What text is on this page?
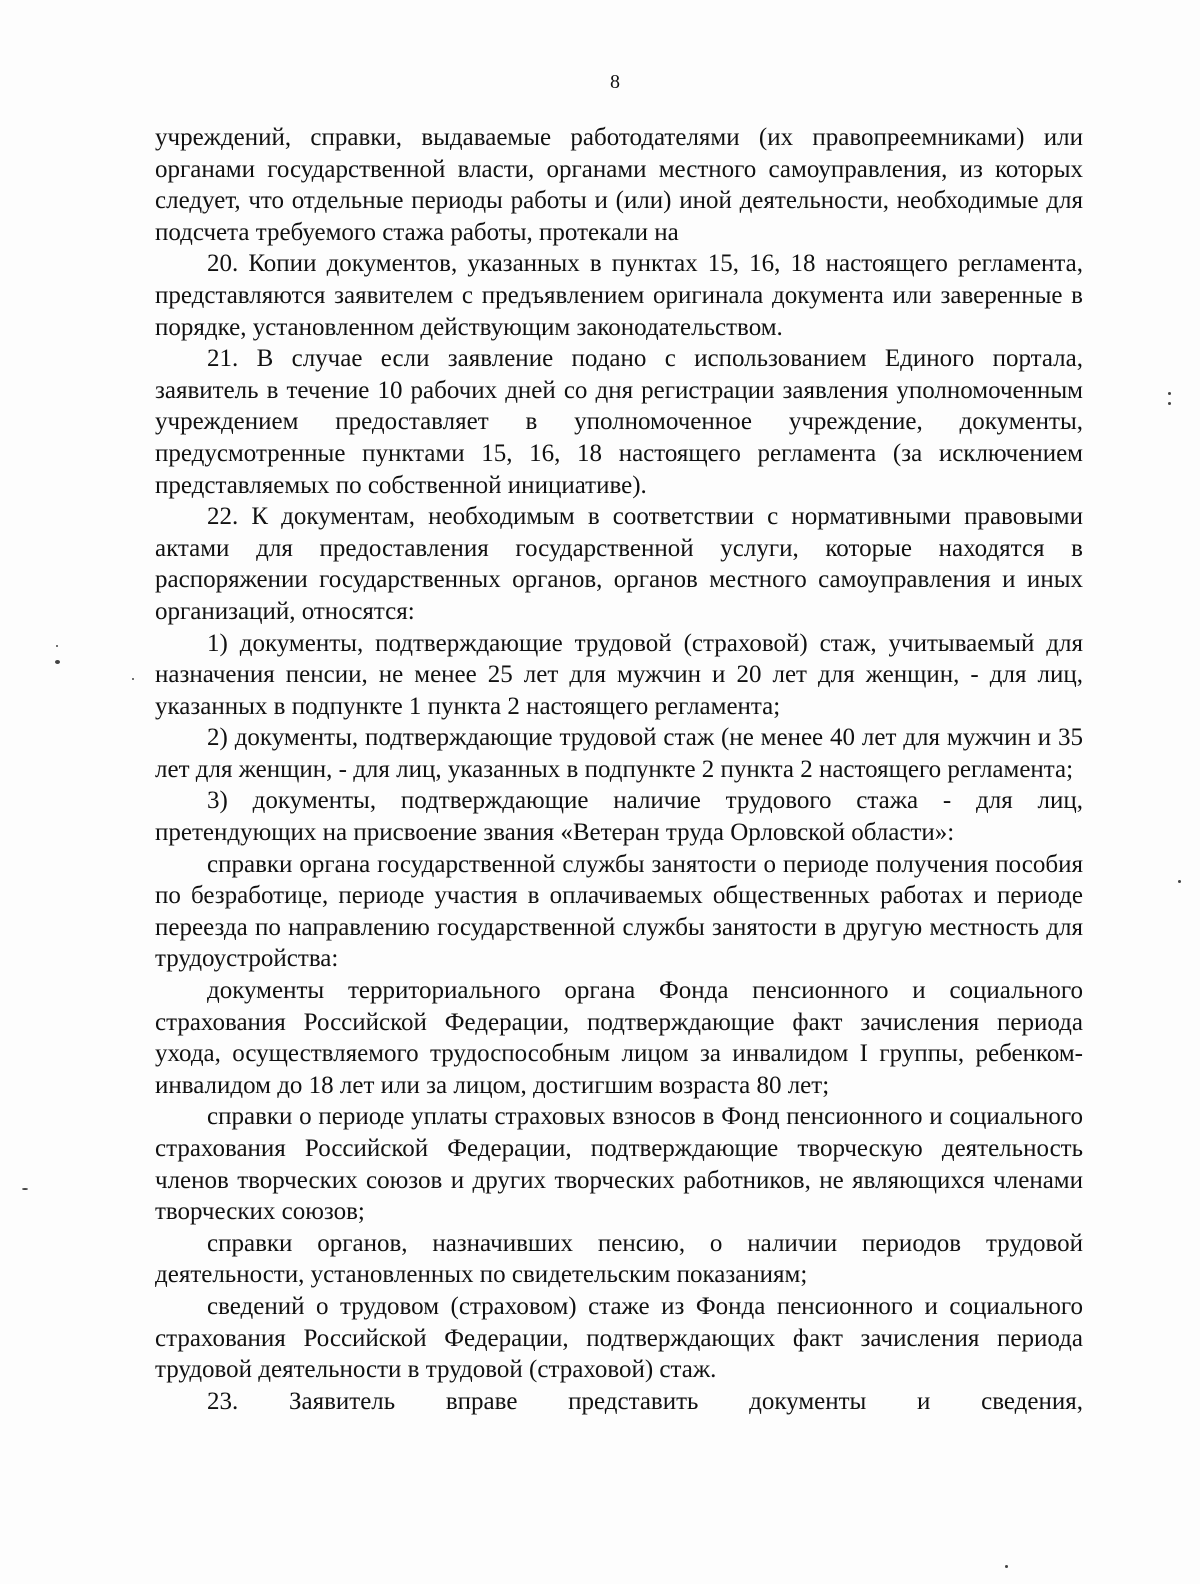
8

учреждений, справки, выдаваемые работодателями (их правопреемниками) или органами государственной власти, органами местного самоуправления, из которых следует, что отдельные периоды работы и (или) иной деятельности, необходимые для подсчета требуемого стажа работы, протекали на

20. Копии документов, указанных в пунктах 15, 16, 18 настоящего регламента, представляются заявителем с предъявлением оригинала документа или заверенные в порядке, установленном действующим законодательством.

21. В случае если заявление подано с использованием Единого портала, заявитель в течение 10 рабочих дней со дня регистрации заявления уполномоченным учреждением предоставляет в уполномоченное учреждение, документы, предусмотренные пунктами 15, 16, 18 настоящего регламента (за исключением представляемых по собственной инициативе).

22. К документам, необходимым в соответствии с нормативными правовыми актами для предоставления государственной услуги, которые находятся в распоряжении государственных органов, органов местного самоуправления и иных организаций, относятся:

1) документы, подтверждающие трудовой (страховой) стаж, учитываемый для назначения пенсии, не менее 25 лет для мужчин и 20 лет для женщин, - для лиц, указанных в подпункте 1 пункта 2 настоящего регламента;

2) документы, подтверждающие трудовой стаж (не менее 40 лет для мужчин и 35 лет для женщин, - для лиц, указанных в подпункте 2 пункта 2 настоящего регламента;

3) документы, подтверждающие наличие трудового стажа - для лиц, претендующих на присвоение звания «Ветеран труда Орловской области»:

справки органа государственной службы занятости о периоде получения пособия по безработице, периоде участия в оплачиваемых общественных работах и периоде переезда по направлению государственной службы занятости в другую местность для трудоустройства:

документы территориального органа Фонда пенсионного и социального страхования Российской Федерации, подтверждающие факт зачисления периода ухода, осуществляемого трудоспособным лицом за инвалидом I группы, ребенком-инвалидом до 18 лет или за лицом, достигшим возраста 80 лет;

справки о периоде уплаты страховых взносов в Фонд пенсионного и социального страхования Российской Федерации, подтверждающие творческую деятельность членов творческих союзов и других творческих работников, не являющихся членами творческих союзов;

справки органов, назначивших пенсию, о наличии периодов трудовой деятельности, установленных по свидетельским показаниям;

сведений о трудовом (страховом) стаже из Фонда пенсионного и социального страхования Российской Федерации, подтверждающих факт зачисления периода трудовой деятельности в трудовой (страховой) стаж.

23. Заявитель вправе представить документы и сведения,
